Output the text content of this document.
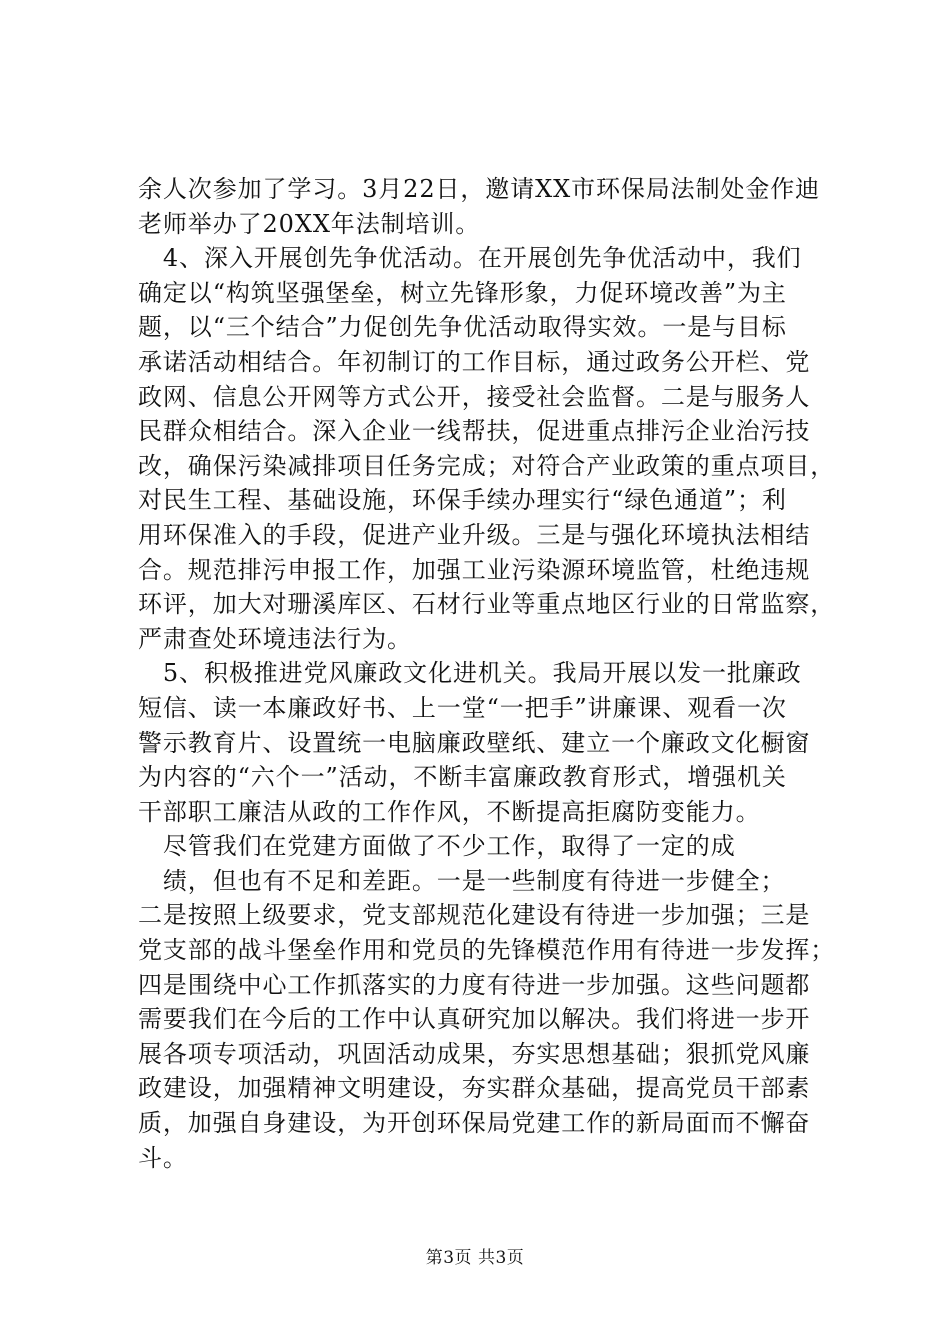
余人次参加了学习。3月22日，邀请XX市环保局法制处金作迪
老师举办了20XX年法制培训。
　4、深入开展创先争优活动。在开展创先争优活动中，我们
确定以“构筑坚强堡垒，树立先锋形象，力促环境改善”为主
题，以“三个结合”力促创先争优活动取得实效。一是与目标
承诺活动相结合。年初制订的工作目标，通过政务公开栏、党
政网、信息公开网等方式公开，接受社会监督。二是与服务人
民群众相结合。深入企业一线帮扶，促进重点排污企业治污技
改，确保污染减排项目任务完成；对符合产业政策的重点项目，
对民生工程、基础设施，环保手续办理实行“绿色通道”；利
用环保准入的手段，促进产业升级。三是与强化环境执法相结
合。规范排污申报工作，加强工业污染源环境监管，杜绝违规
环评，加大对珊溪库区、石材行业等重点地区行业的日常监察，
严肃查处环境违法行为。
　5、积极推进党风廉政文化进机关。我局开展以发一批廉政
短信、读一本廉政好书、上一堂“一把手”讲廉课、观看一次
警示教育片、设置统一电脑廉政壁纸、建立一个廉政文化橱窗
为内容的“六个一”活动，不断丰富廉政教育形式，增强机关
干部职工廉洁从政的工作作风，不断提高拒腐防变能力。
　尽管我们在党建方面做了不少工作，取得了一定的成
　绩，但也有不足和差距。一是一些制度有待进一步健全；
二是按照上级要求，党支部规范化建设有待进一步加强；三是
党支部的战斗堡垒作用和党员的先锋模范作用有待进一步发挥；
四是围绕中心工作抓落实的力度有待进一步加强。这些问题都
需要我们在今后的工作中认真研究加以解决。我们将进一步开
展各项专项活动，巩固活动成果，夯实思想基础；狠抓党风廉
政建设，加强精神文明建设，夯实群众基础，提高党员干部素
质，加强自身建设，为开创环保局党建工作的新局面而不懈奋
斗。
第3页 共3页
